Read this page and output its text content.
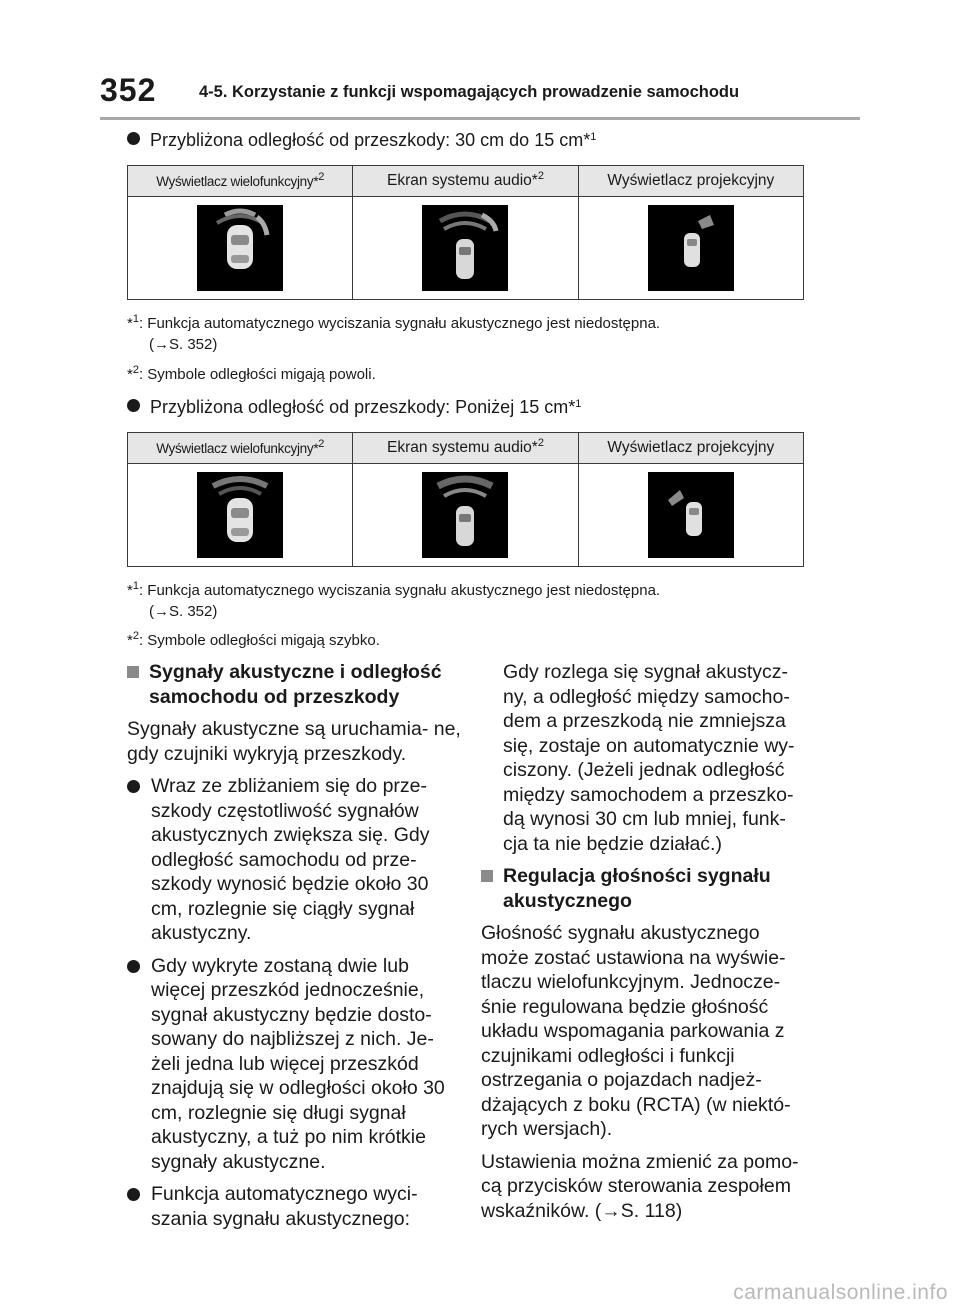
352	4-5. Korzystanie z funkcji wspomagających prowadzenie samochodu
Przybliżona odległość od przeszkody: 30 cm do 15 cm*$^1$
Wyświetlacz wielofunkcyjny*$^2$	Ekran systemu audio*$^2$	Wyświetlacz projekcyjny

*$^1$: Funkcja automatycznego wyciszania sygnału akustycznego jest niedostępna.
(→S. 352)
*$^2$: Symbole odległości migają powoli.
Przybliżona odległość od przeszkody: Poniżej 15 cm*$^1$
Wyświetlacz wielofunkcyjny*$^2$	Ekran systemu audio*$^2$	Wyświetlacz projekcyjny

*$^1$: Funkcja automatycznego wyciszania sygnału akustycznego jest niedostępna.
(→S. 352)
*$^2$: Symbole odległości migają szybko.

Sygnały akustyczne i odległość samochodu od przeszkody

Sygnały akustyczne są uruchamia- ne, gdy czujniki wykryją przeszkody.

Wraz ze zbliżaniem się do prze- szkody częstotliwość sygnałów akustycznych zwiększa się. Gdy odległość samochodu od prze- szkody wynosić będzie około 30 cm, rozlegnie się ciągły sygnał akustyczny.
Gdy wykryte zostaną dwie lub więcej przeszkód jednocześnie, sygnał akustyczny będzie dosto- sowany do najbliższej z nich. Je- żeli jedna lub więcej przeszkód znajdują się w odległości około 30 cm, rozlegnie się długi sygnał akustyczny, a tuż po nim krótkie sygnały akustyczne.
Funkcja automatycznego wyci- szania sygnału akustycznego:

Gdy rozlega się sygnał akustycz- ny, a odległość między samocho- dem a przeszkodą nie zmniejsza się, zostaje on automatycznie wy- ciszony. (Jeżeli jednak odległość między samochodem a przeszko- dą wynosi 30 cm lub mniej, funk- cja ta nie będzie działać.)

Regulacja głośności sygnału akustycznego

Głośność sygnału akustycznego może zostać ustawiona na wyświe- tlaczu wielofunkcyjnym. Jednocze- śnie regulowana będzie głośność układu wspomagania parkowania z czujnikami odległości i funkcji ostrzegania o pojazdach nadjeż- dżających z boku (RCTA) (w niektó- rych wersjach).

Ustawienia można zmienić za pomo- cą przycisków sterowania zespołem wskaźników. (→S. 118)

carmanualsonline.info
